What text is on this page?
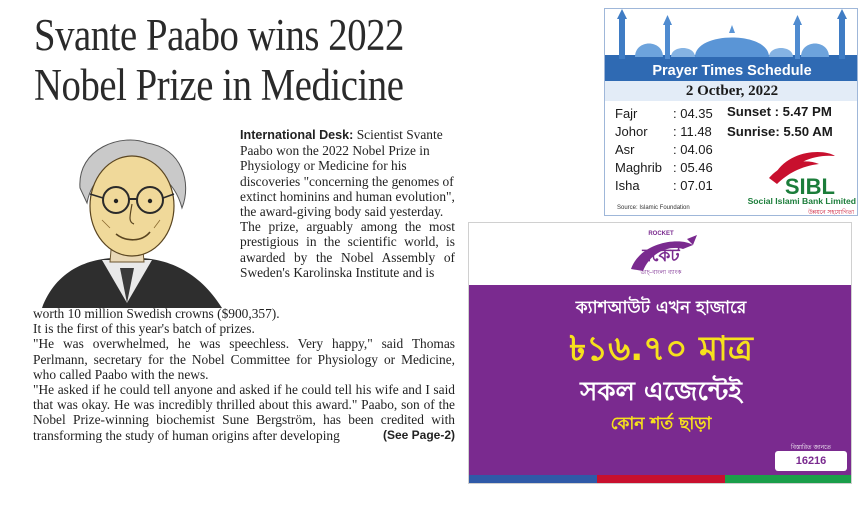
Svante Paabo wins 2022
Nobel Prize in Medicine

International Desk: Scientist Svante Paabo won the 2022 Nobel Prize in Physiology or Medicine for his discoveries "concerning the genomes of extinct hominins and human evolution", the award-giving body said yesterday.

The prize, arguably among the most prestigious in the scientific world, is awarded by the Nobel Assembly of Sweden's Karolinska Institute and is

worth 10 million Swedish crowns ($900,357).

It is the first of this year's batch of prizes.

"He was overwhelmed, he was speechless. Very happy," said Thomas Perlmann, secretary for the Nobel Committee for Physiology or Medicine, who called Paabo with the news.

"He asked if he could tell anyone and asked if he could tell his wife and I said that was okay. He was incredibly thrilled about this award." Paabo, son of the Nobel Prize-winning biochemist Sune Bergström, has been credited with transforming the study of human origins after developing	(See Page-2)

Prayer Times Schedule
2 Octber, 2022
Fajr	: 04.35
Johor	: 11.48
Asr	: 04.06
Maghrib : 05.46
Isha	: 07.01
Sunset : 5.47 PM
Sunrise: 5.50 AM
SIBL
Social Islami Bank Limited
উন্নয়নে সহযোগিতা
Source: Islamic Foundation
ROCKET
রকেট
ডাচ্‌-বাংলা ব্যাংক
ক্যাশআউট এখন হাজারে
৳১৬.৭০ মাত্র
সকল এজেন্টেই
কোন শর্ত ছাড়া
বিস্তারিত জানতে
16216
